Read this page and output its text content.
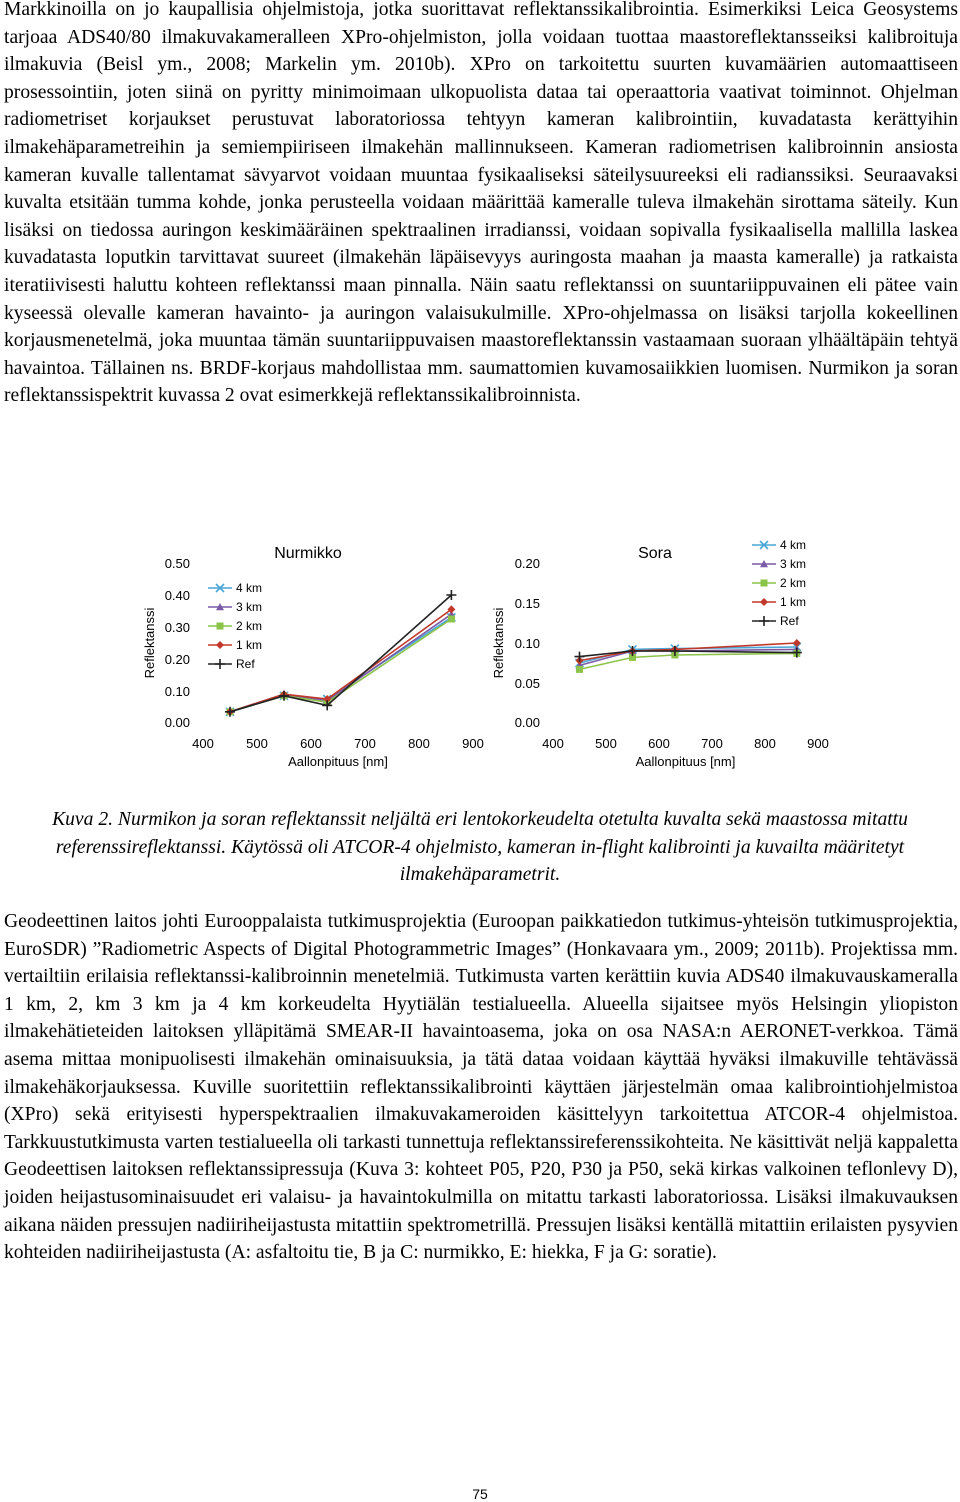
Markkinoilla on jo kaupallisia ohjelmistoja, jotka suorittavat reflektanssikalibrointia. Esimerkiksi Leica Geosystems tarjoaa ADS40/80 ilmakuvakameralleen XPro-ohjelmiston, jolla voidaan tuottaa maastoreflektansseiksi kalibroituja ilmakuvia (Beisl ym., 2008; Markelin ym. 2010b). XPro on tarkoitettu suurten kuvamäärien automaattiseen prosessointiin, joten siinä on pyritty minimoimaan ulkopuolista dataa tai operaattoria vaativat toiminnot. Ohjelman radiometriset korjaukset perustuvat laboratoriossa tehtyyn kameran kalibrointiin, kuvadatasta kerättyihin ilmakehäparametreihin ja semiempiiriseen ilmakehän mallinnukseen. Kameran radiometrisen kalibroinnin ansiosta kameran kuvalle tallentamat sävyarvot voidaan muuntaa fysikaaliseksi säteilysuureeksi eli radianssiksi. Seuraavaksi kuvalta etsitään tumma kohde, jonka perusteella voidaan määrittää kameralle tuleva ilmakehän sirottama säteily. Kun lisäksi on tiedossa auringon keskimääräinen spektraalinen irradianssi, voidaan sopivalla fysikaalisella mallilla laskea kuvadatasta loputkin tarvittavat suureet (ilmakehän läpäisevyys auringosta maahan ja maasta kameralle) ja ratkaista iteratiivisesti haluttu kohteen reflektanssi maan pinnalla. Näin saatu reflektanssi on suuntariippuvainen eli pätee vain kyseessä olevalle kameran havainto- ja auringon valaisukulmille. XPro-ohjelmassa on lisäksi tarjolla kokeellinen korjausmenetelmä, joka muuntaa tämän suuntariippuvaisen maastoreflektanssin vastaamaan suoraan ylhäältäpäin tehtyä havaintoa. Tällainen ns. BRDF-korjaus mahdollistaa mm. saumattomien kuvamosaiikkien luomisen. Nurmikon ja soran reflektanssispektrit kuvassa 2 ovat esimerkkejä reflektanssikalibroinnista.

Nurmikko
Reflektanssi
Aallonpituus [nm]
400 500 600 700 800 900
0.00
0.10
0.20
0.30
0.40
0.50
4 km
3 km
2 km
1 km
Ref
Sora
Reflektanssi
Aallonpituus [nm]
400 500 600 700 800 900
0.00
0.05
0.10
0.15
0.20
4 km
3 km
2 km
1 km
Ref

Kuva 2. Nurmikon ja soran reflektanssit neljältä eri lentokorkeudelta otetulta kuvalta sekä maastossa mitattu referenssireflektanssi. Käytössä oli ATCOR-4 ohjelmisto, kameran in-flight kalibrointi ja kuvailta määritetyt ilmakehäparametrit.

Geodeettinen laitos johti Eurooppalaista tutkimusprojektia (Euroopan paikkatiedon tutkimus-yhteisön tutkimusprojektia, EuroSDR) ”Radiometric Aspects of Digital Photogrammetric Images” (Honkavaara ym., 2009; 2011b). Projektissa mm. vertailtiin erilaisia reflektanssi-kalibroinnin menetelmiä. Tutkimusta varten kerättiin kuvia ADS40 ilmakuvauskameralla 1 km, 2, km 3 km ja 4 km korkeudelta Hyytiälän testialueella. Alueella sijaitsee myös Helsingin yliopiston ilmakehätieteiden laitoksen ylläpitämä SMEAR-II havaintoasema, joka on osa NASA:n AERONET-verkkoa. Tämä asema mittaa monipuolisesti ilmakehän ominaisuuksia, ja tätä dataa voidaan käyttää hyväksi ilmakuville tehtävässä ilmakehäkorjauksessa. Kuville suoritettiin reflektanssikalibrointi käyttäen järjestelmän omaa kalibrointiohjelmistoa (XPro) sekä erityisesti hyperspektraalien ilmakuvakameroiden käsittelyyn tarkoitettua ATCOR-4 ohjelmistoa. Tarkkuustutkimusta varten testialueella oli tarkasti tunnettuja reflektanssireferenssikohteita. Ne käsittivät neljä kappaletta Geodeettisen laitoksen reflektanssipressuja (Kuva 3: kohteet P05, P20, P30 ja P50, sekä kirkas valkoinen teflonlevy D), joiden heijastusominaisuudet eri valaisu- ja havaintokulmilla on mitattu tarkasti laboratoriossa. Lisäksi ilmakuvauksen aikana näiden pressujen nadiiriheijastusta mitattiin spektrometrillä. Pressujen lisäksi kentällä mitattiin erilaisten pysyvien kohteiden nadiiriheijastusta (A: asfaltoitu tie, B ja C: nurmikko, E: hiekka, F ja G: soratie).

75
